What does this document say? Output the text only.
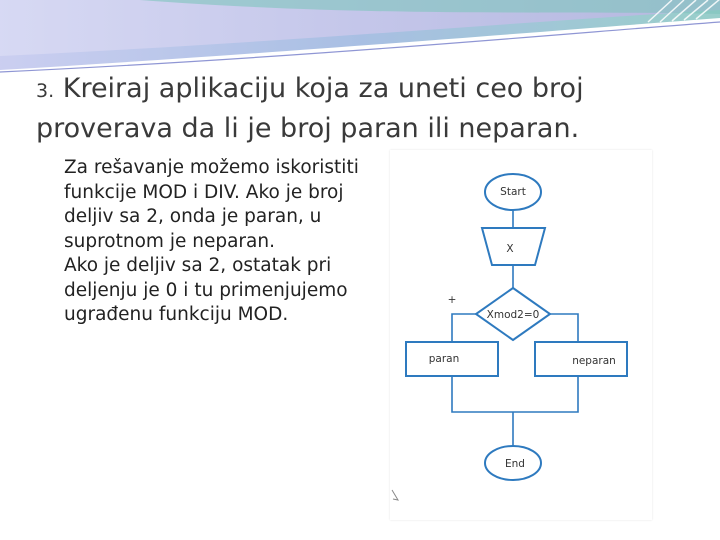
3. Kreiraj aplikaciju koja za uneti ceo broj proverava da li je broj paran ili neparan.

Za rešavanje možemo iskoristiti funkcije MOD i DIV. Ako je broj deljiv sa 2, onda je paran, u suprotnom je neparan.

Ako je deljiv sa 2, ostatak pri deljenju je 0 i tu primenjujemo ugrađenu funkciju MOD.

Start
X
Xmod2=0
+
paran	neparan
End
